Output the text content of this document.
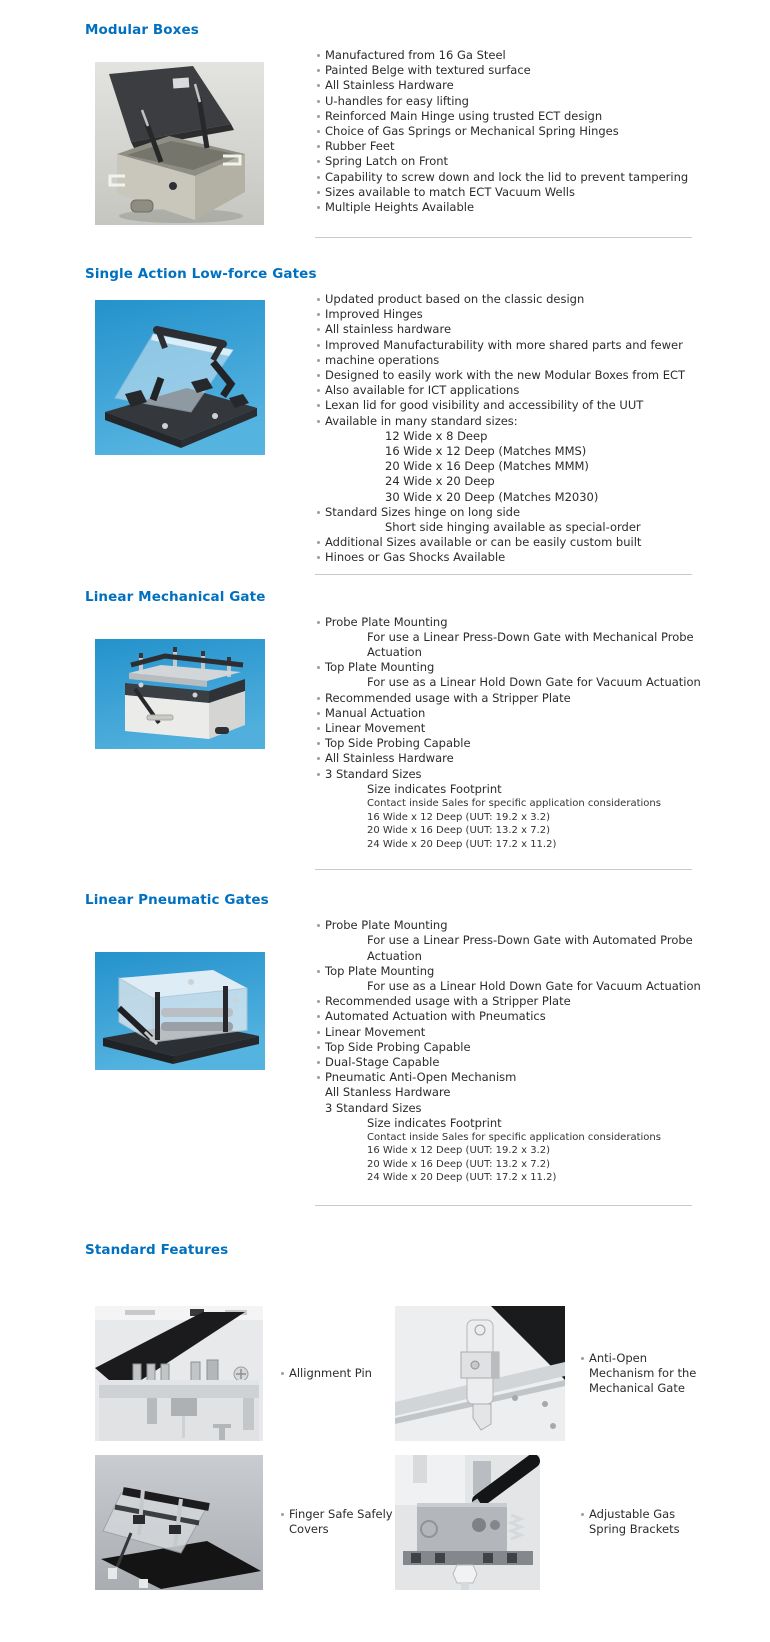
Modular Boxes
Manufactured from 16 Ga Steel
Painted Belge with textured surface
All Stainless Hardware
U-handles for easy lifting
Reinforced Main Hinge using trusted ECT design
Choice of Gas Springs or Mechanical Spring Hinges
Rubber Feet
Spring Latch on Front
Capability to screw down and lock the lid to prevent tampering
Sizes available to match ECT Vacuum Wells
Multiple Heights Available
Single Action Low-force Gates
Updated product based on the classic design
Improved Hinges
All stainless hardware
Improved Manufacturability with more shared parts and fewer
machine operations
Designed to easily work with the new Modular Boxes from ECT
Also available for ICT applications
Lexan lid for good visibility and accessibility of the UUT
Available in many standard sizes:
12 Wide x 8 Deep
16 Wide x 12 Deep (Matches MMS)
20 Wide x 16 Deep (Matches MMM)
24 Wide x 20 Deep
30 Wide x 20 Deep (Matches M2030)
Standard Sizes hinge on long side
Short side hinging available as special-order
Additional Sizes available or can be easily custom built
Hinoes or Gas Shocks Available
Linear Mechanical Gate
Probe Plate Mounting
For use a Linear Press-Down Gate with Mechanical Probe
Actuation
Top Plate Mounting
For use as a Linear Hold Down Gate for Vacuum Actuation
Recommended usage with a Stripper Plate
Manual Actuation
Linear Movement
Top Side Probing Capable
All Stainless Hardware
3 Standard Sizes
Size indicates Footprint
Contact inside Sales for specific application considerations
16 Wide x 12 Deep (UUT: 19.2 x 3.2)
20 Wide x 16 Deep (UUT: 13.2 x 7.2)
24 Wide x 20 Deep (UUT: 17.2 x 11.2)
Linear Pneumatic Gates
Probe Plate Mounting
For use a Linear Press-Down Gate with Automated Probe
Actuation
Top Plate Mounting
For use as a Linear Hold Down Gate for Vacuum Actuation
Recommended usage with a Stripper Plate
Automated Actuation with Pneumatics
Linear Movement
Top Side Probing Capable
Dual-Stage Capable
Pneumatic Anti-Open Mechanism
All Stanless Hardware
3 Standard Sizes
Size indicates Footprint
Contact inside Sales for specific application considerations
16 Wide x 12 Deep (UUT: 19.2 x 3.2)
20 Wide x 16 Deep (UUT: 13.2 x 7.2)
24 Wide x 20 Deep (UUT: 17.2 x 11.2)
Standard Features
Allignment Pin
Anti-Open Mechanism for the Mechanical Gate
Finger Safe Safely Covers
Adjustable Gas Spring Brackets
